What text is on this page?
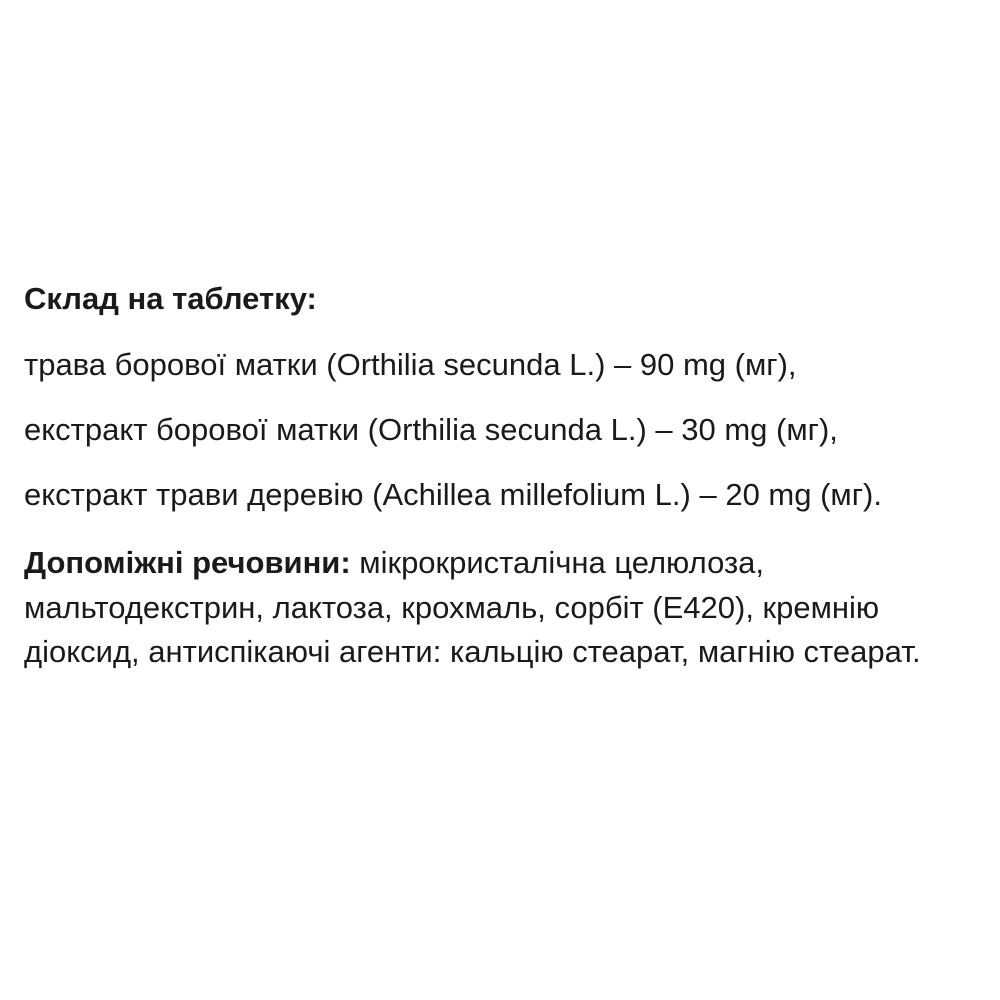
Склад на таблетку:
трава борової матки (Orthilia secunda L.) – 90 mg (мг),
екстракт борової матки (Orthilia secunda L.) – 30 mg (мг),
екстракт трави деревію (Achillea millefolium L.) – 20 mg (мг).

Допоміжні речовини: мікрокристалічна целюлоза, мальтодекстрин, лактоза, крохмаль, сорбіт (Е420), кремнію діоксид, антиспікаючі агенти: кальцію стеарат, магнію стеарат.
